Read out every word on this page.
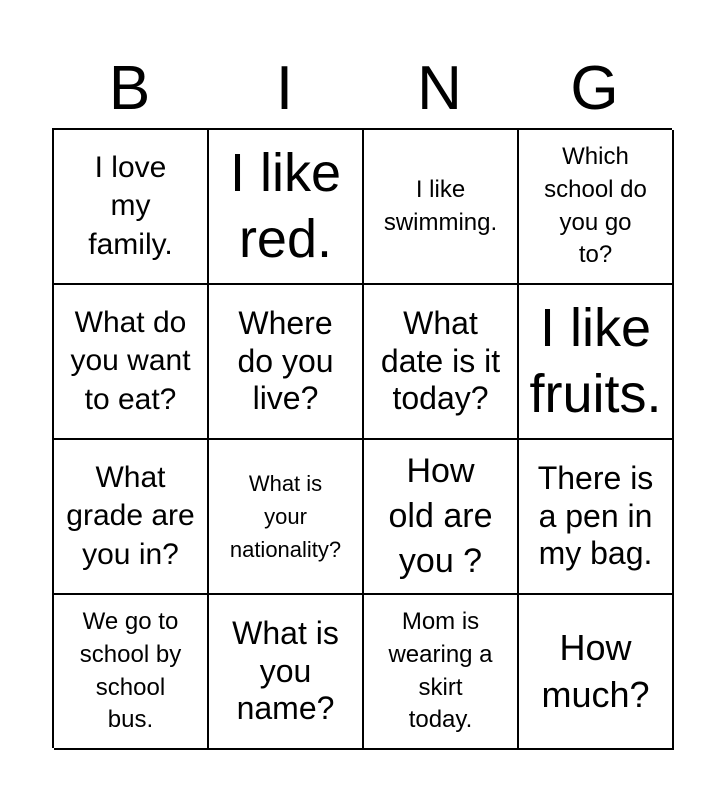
B	I	N	G
I love
my
family.
I like
red.
I like
swimming.
Which
school do
you go
to?
What do
you want
to eat?
Where
do you
live?
What
date is it
today?
I like
fruits.
What
grade are
you in?
What is
your
nationality?
How
old are
you ?
There is
a pen in
my bag.
We go to
school by
school
bus.
What is
you
name?
Mom is
wearing a
skirt
today.
How
much?
